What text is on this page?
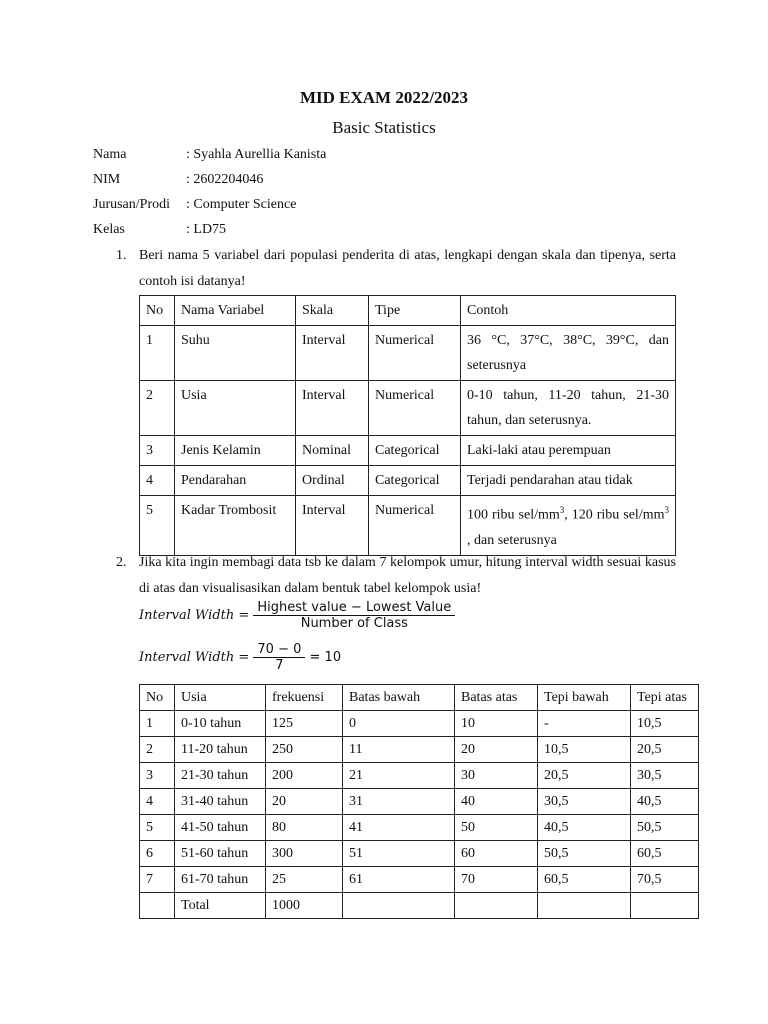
MID EXAM 2022/2023
Basic Statistics
Nama	: Syahla Aurellia Kanista
NIM	: 2602204046
Jurusan/Prodi : Computer Science
Kelas	: LD75
1. Beri nama 5 variabel dari populasi penderita di atas, lengkapi dengan skala dan tipenya, serta contoh isi datanya!
No	Nama Variabel	Skala	Tipe	Contoh
1	Suhu	Interval	Numerical	36 °C, 37°C, 38°C, 39°C, dan seterusnya
2	Usia	Interval	Numerical	0-10 tahun, 11-20 tahun, 21-30 tahun, dan seterusnya.
3	Jenis Kelamin	Nominal	Categorical	Laki-laki atau perempuan
4	Pendarahan	Ordinal	Categorical	Terjadi pendarahan atau tidak
5	Kadar Trombosit	Interval	Numerical	100 ribu sel/$mm^3$, 120 ribu sel/$mm^3$ , dan seterusnya
2. Jika kita ingin membagi data tsb ke dalam 7 kelompok umur, hitung interval width sesuai kasus di atas dan visualisasikan dalam bentuk tabel kelompok usia!
Interval Width = $\frac{\text{Highest value − Lowest Value}}{\text{Number of Class}}$
Interval Width = $\frac{70 - 0}{7} = 10$
No	Usia	frekuensi	Batas bawah	Batas atas	Tepi bawah	Tepi atas
1	0-10 tahun	125	0	10	-	10,5
2	11-20 tahun	250	11	20	10,5	20,5
3	21-30 tahun	200	21	30	20,5	30,5
4	31-40 tahun	20	31	40	30,5	40,5
5	41-50 tahun	80	41	50	40,5	50,5
6	51-60 tahun	300	51	60	50,5	60,5
7	61-70 tahun	25	61	70	60,5	70,5
	Total	1000				
